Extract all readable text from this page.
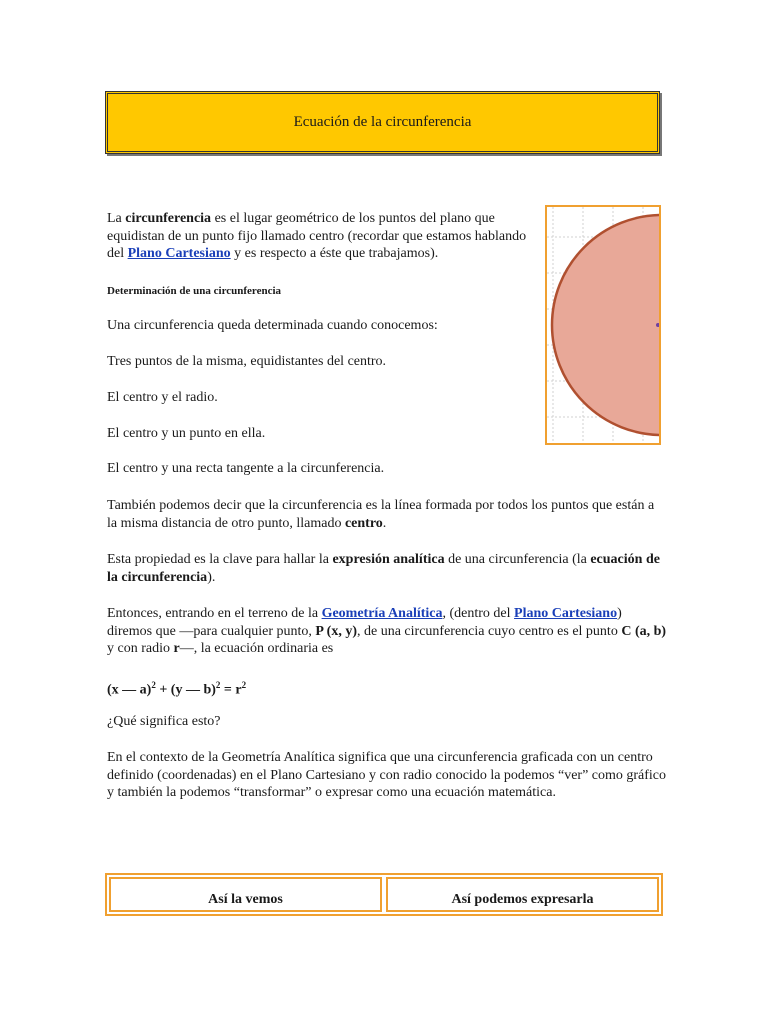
Ecuación de la circunferencia
La circunferencia es el lugar geométrico de los puntos del plano que equidistan de un punto fijo llamado centro (recordar que estamos hablando del Plano Cartesiano y es respecto a éste que trabajamos).
Determinación de una circunferencia
Una circunferencia queda determinada cuando conocemos:
Tres puntos de la misma, equidistantes del centro.
El centro y el radio.
El centro y un punto en ella.
El centro y una recta tangente a la circunferencia.
También podemos decir que la circunferencia es la línea formada por todos los puntos que están a la misma distancia de otro punto, llamado centro.
Esta propiedad es la clave para hallar la expresión analítica de una circunferencia (la ecuación de la circunferencia).
Entonces, entrando en el terreno de la Geometría Analítica, (dentro del Plano Cartesiano) diremos que —para cualquier punto, P (x, y), de una circunferencia cuyo centro es el punto C (a, b) y con radio r—, la ecuación ordinaria es
(x — a)$^2$ + (y — $b)^2 = r^2$
¿Qué significa esto?
En el contexto de la Geometría Analítica significa que una circunferencia graficada con un centro definido (coordenadas) en el Plano Cartesiano y con radio conocido la podemos “ver” como gráfico y también la podemos “transformar” o expresar como una ecuación matemática.
Así la vemos	Así podemos expresarla
